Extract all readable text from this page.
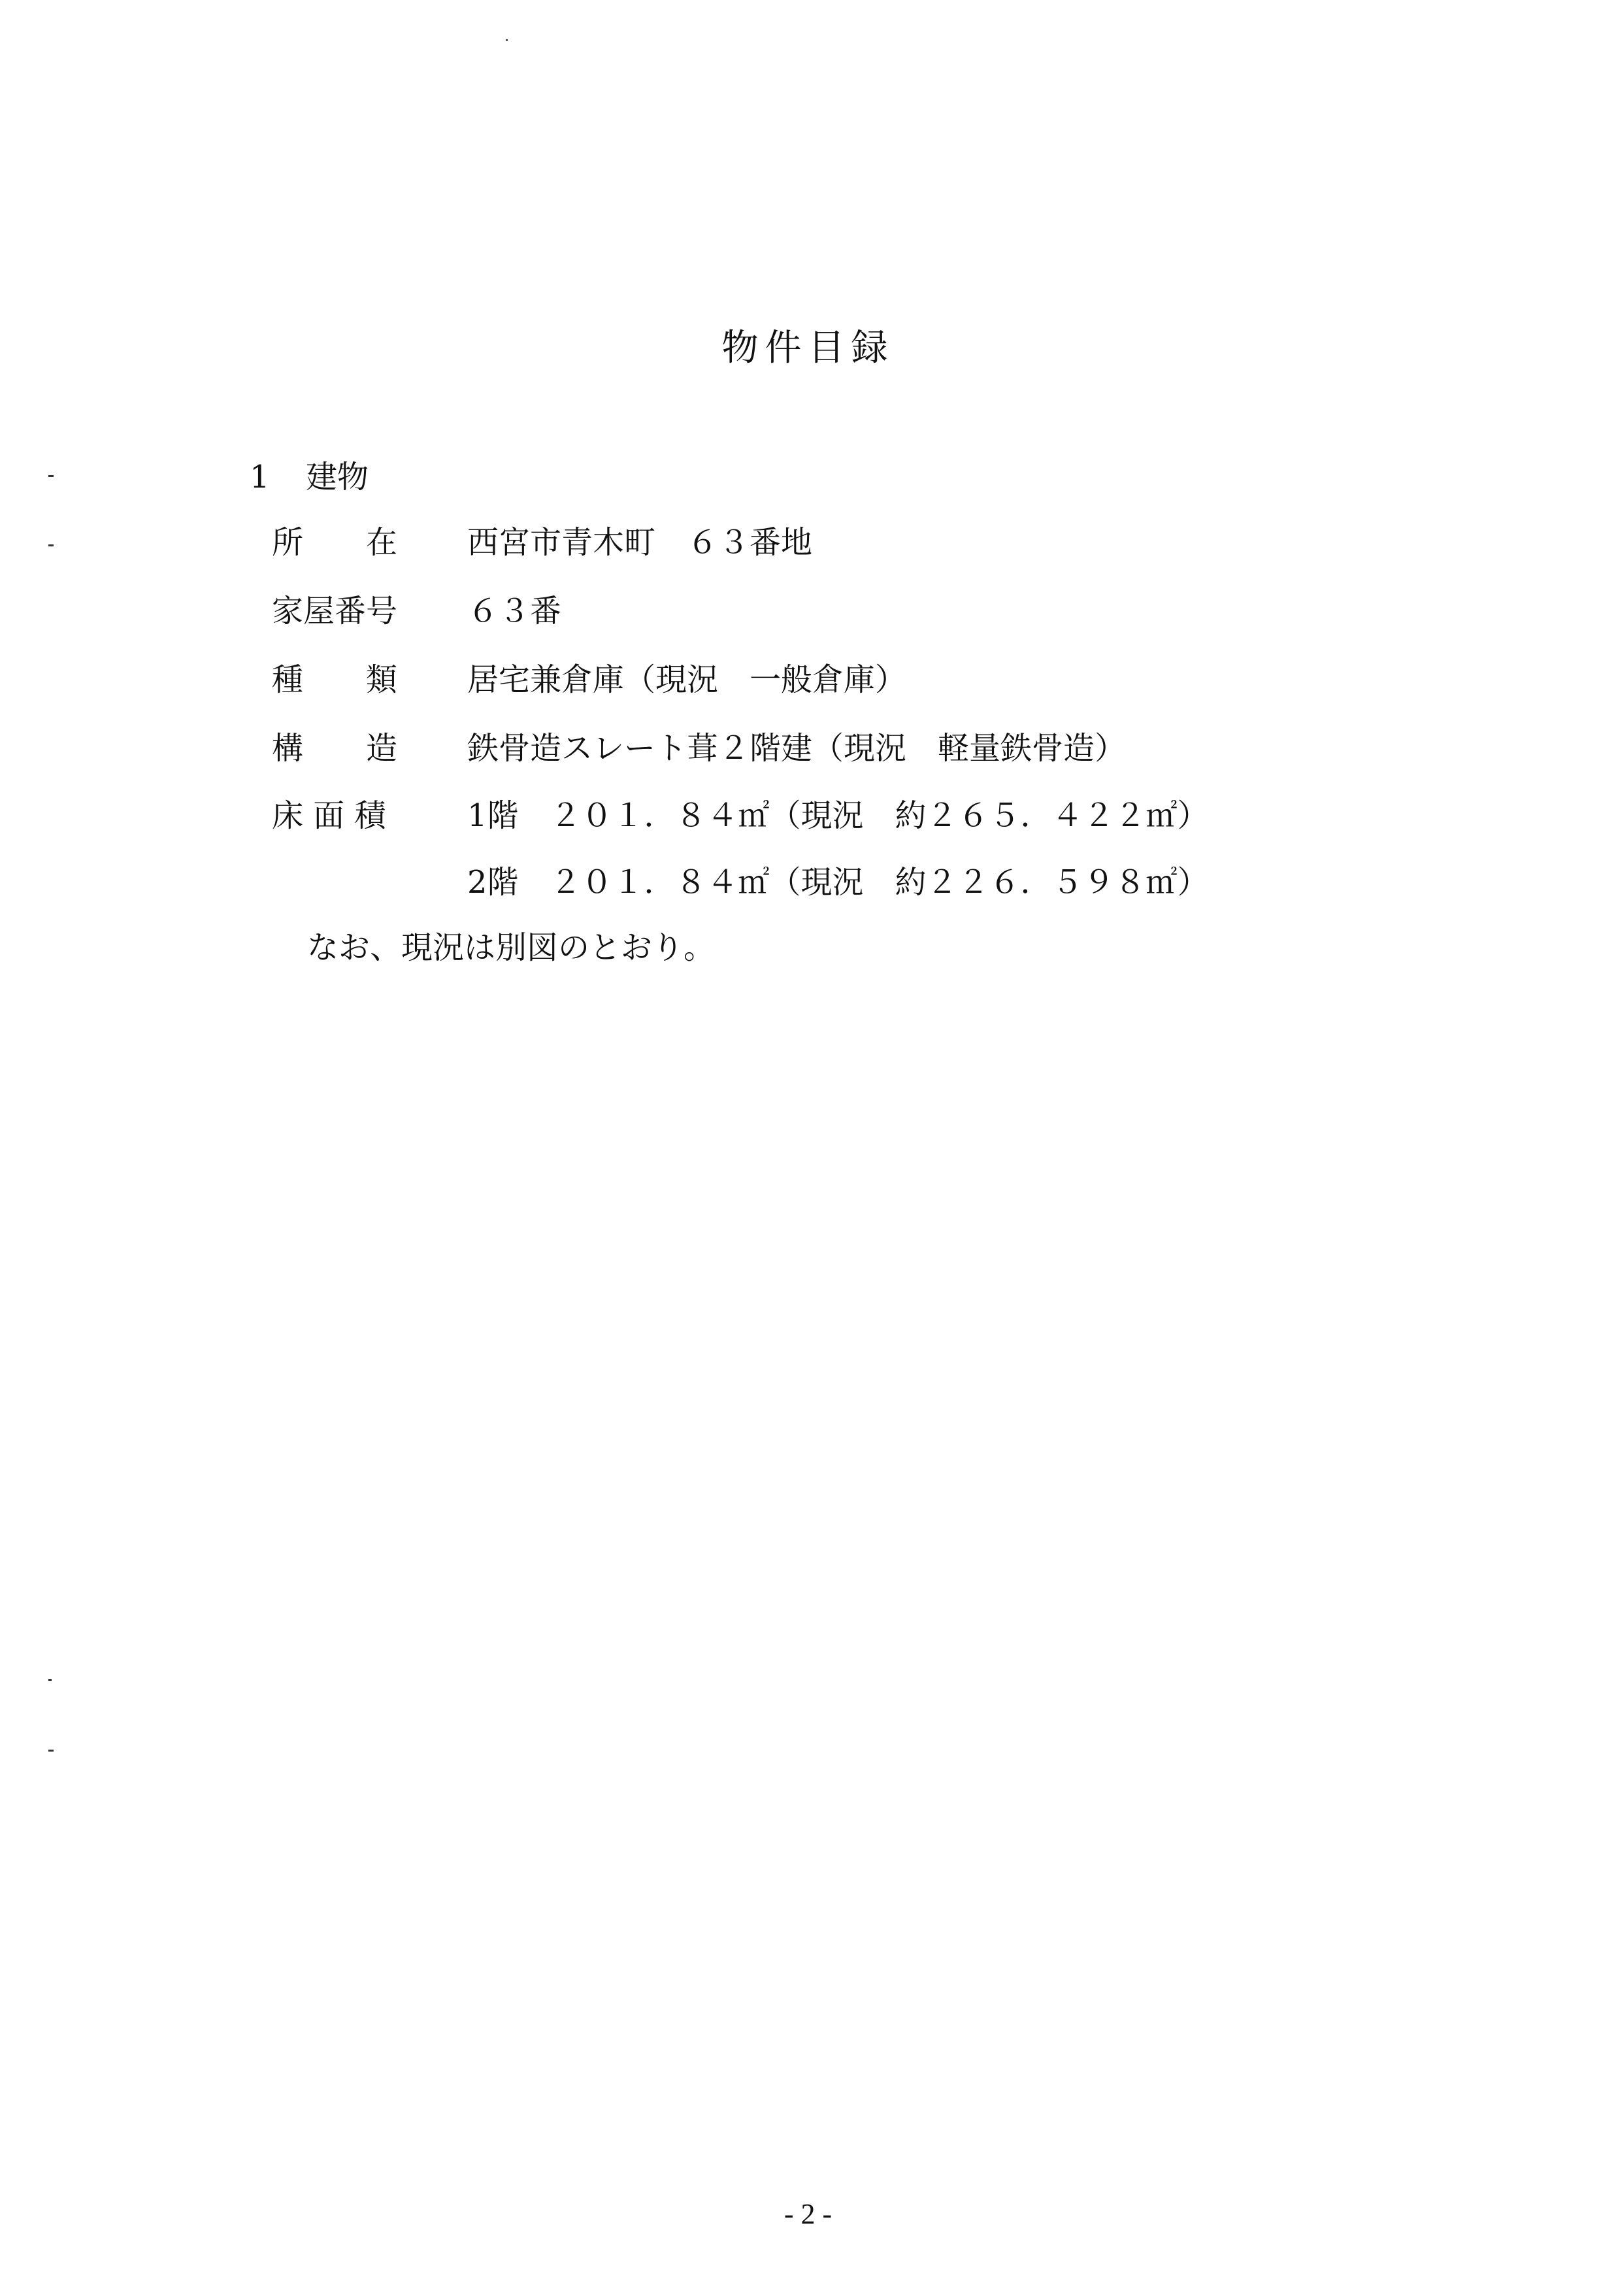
物件目録
1 建物
所　　在 西宮市青木町　６３番地
家屋番号 ６３番
種　　類 居宅兼倉庫（現況　一般倉庫）
構　　造 鉄骨造スレート葺２階建（現況　軽量鉄骨造）
床 面 積	1階　２０１．８４㎡（現況　約２６５．４２２㎡）
2階　２０１．８４㎡（現況　約２２６．５９８㎡）
なお、現況は別図のとおり。
- 2 -
